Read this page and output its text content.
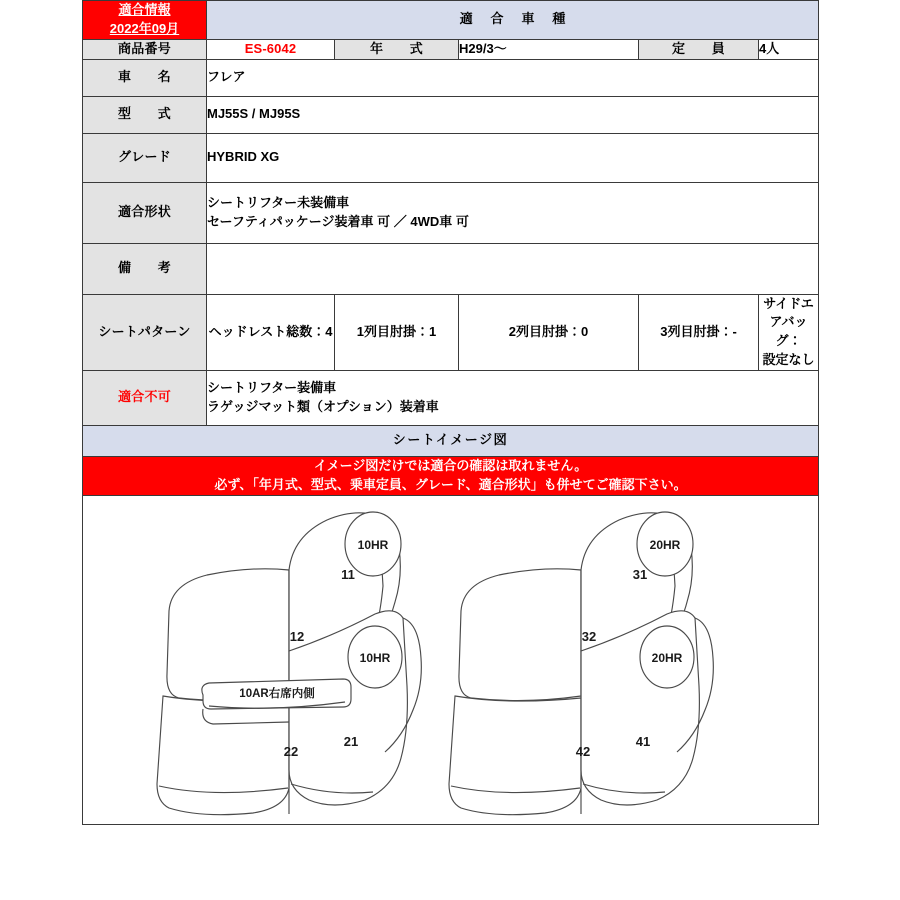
適合情報
2022年09月	適 合 車 種				
商品番号	ES-6042	年　　式	H29/3〜	定　　員	4人
車　　名	フレア				
型　　式	MJ55S / MJ95S				
グレード	HYBRID XG				
適合形状	シートリフター未装備車
セーフティパッケージ装着車 可 ／ 4WD車 可				

備　　考					
シートパターン	ヘッドレスト総数：4	1列目肘掛：1	2列目肘掛：0	3列目肘掛：-	サイドエアバッグ：
設定なし

適合不可	シートリフター装備車
ラゲッジマット類（オプション）装着車				

シートイメージ図					

イメージ図だけでは適合の確認は取れません。
必ず、「年月式、型式、乗車定員、グレード、適合形状」も併せてご確認下さい。					

12
22
11
21
10HR
10HR
10AR右席内側
32
42
31
41
20HR
20HR
